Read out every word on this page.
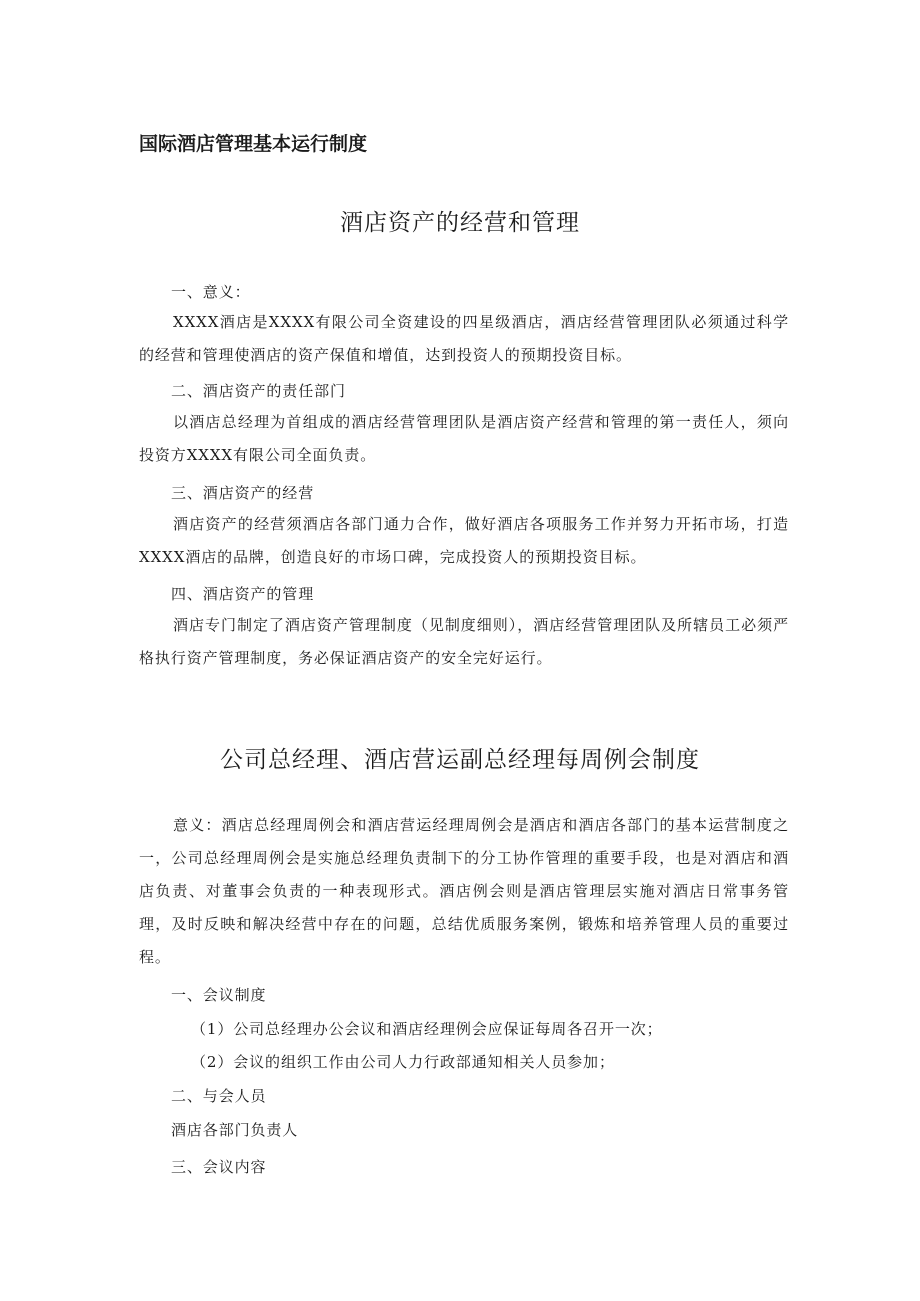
国际酒店管理基本运行制度
酒店资产的经营和管理

一、意义：

XXXX酒店是XXXX有限公司全资建设的四星级酒店，酒店经营管理团队必须通过科学的经营和管理使酒店的资产保值和增值，达到投资人的预期投资目标。

二、酒店资产的责任部门

以酒店总经理为首组成的酒店经营管理团队是酒店资产经营和管理的第一责任人，须向投资方XXXX有限公司全面负责。

三、酒店资产的经营

酒店资产的经营须酒店各部门通力合作，做好酒店各项服务工作并努力开拓市场，打造XXXX酒店的品牌，创造良好的市场口碑，完成投资人的预期投资目标。

四、酒店资产的管理

酒店专门制定了酒店资产管理制度（见制度细则），酒店经营管理团队及所辖员工必须严格执行资产管理制度，务必保证酒店资产的安全完好运行。

公司总经理、酒店营运副总经理每周例会制度

意义：酒店总经理周例会和酒店营运经理周例会是酒店和酒店各部门的基本运营制度之一，公司总经理周例会是实施总经理负责制下的分工协作管理的重要手段，也是对酒店和酒店负责、对董事会负责的一种表现形式。酒店例会则是酒店管理层实施对酒店日常事务管理，及时反映和解决经营中存在的问题，总结优质服务案例，锻炼和培养管理人员的重要过程。

一、会议制度

（1）公司总经理办公会议和酒店经理例会应保证每周各召开一次；

（2）会议的组织工作由公司人力行政部通知相关人员参加；

二、与会人员

酒店各部门负责人

三、会议内容
